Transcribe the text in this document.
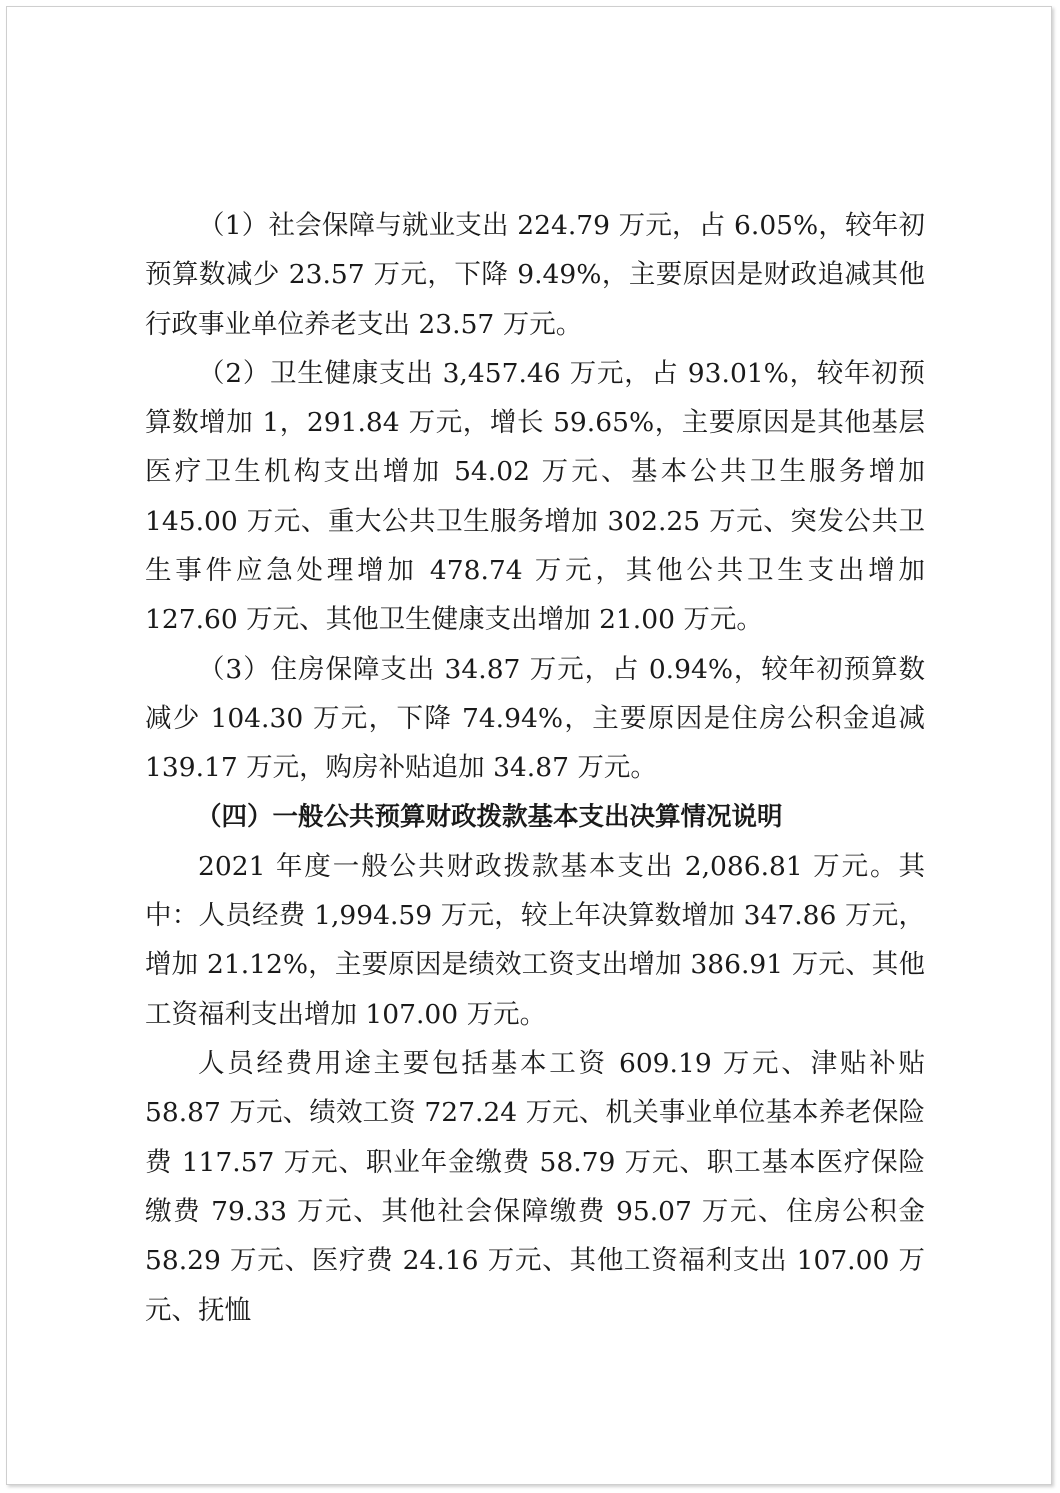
（1）社会保障与就业支出 224.79 万元，占 6.05%，较年初预算数减少 23.57 万元，下降 9.49%，主要原因是财政追减其他行政事业单位养老支出 23.57 万元。

（2）卫生健康支出 3,457.46 万元，占 93.01%，较年初预算数增加 1，291.84 万元，增长 59.65%，主要原因是其他基层医疗卫生机构支出增加 54.02 万元、基本公共卫生服务增加 145.00 万元、重大公共卫生服务增加 302.25 万元、突发公共卫生事件应急处理增加 478.74 万元，其他公共卫生支出增加 127.60 万元、其他卫生健康支出增加 21.00 万元。

（3）住房保障支出 34.87 万元，占 0.94%，较年初预算数减少 104.30 万元，下降 74.94%，主要原因是住房公积金追减 139.17 万元，购房补贴追加 34.87 万元。

（四）一般公共预算财政拨款基本支出决算情况说明

2021 年度一般公共财政拨款基本支出 2,086.81 万元。其中：人员经费 1,994.59 万元，较上年决算数增加 347.86 万元，增加 21.12%，主要原因是绩效工资支出增加 386.91 万元、其他工资福利支出增加 107.00 万元。

人员经费用途主要包括基本工资 609.19 万元、津贴补贴 58.87 万元、绩效工资 727.24 万元、机关事业单位基本养老保险费 117.57 万元、职业年金缴费 58.79 万元、职工基本医疗保险缴费 79.33 万元、其他社会保障缴费 95.07 万元、住房公积金 58.29 万元、医疗费 24.16 万元、其他工资福利支出 107.00 万元、抚恤
